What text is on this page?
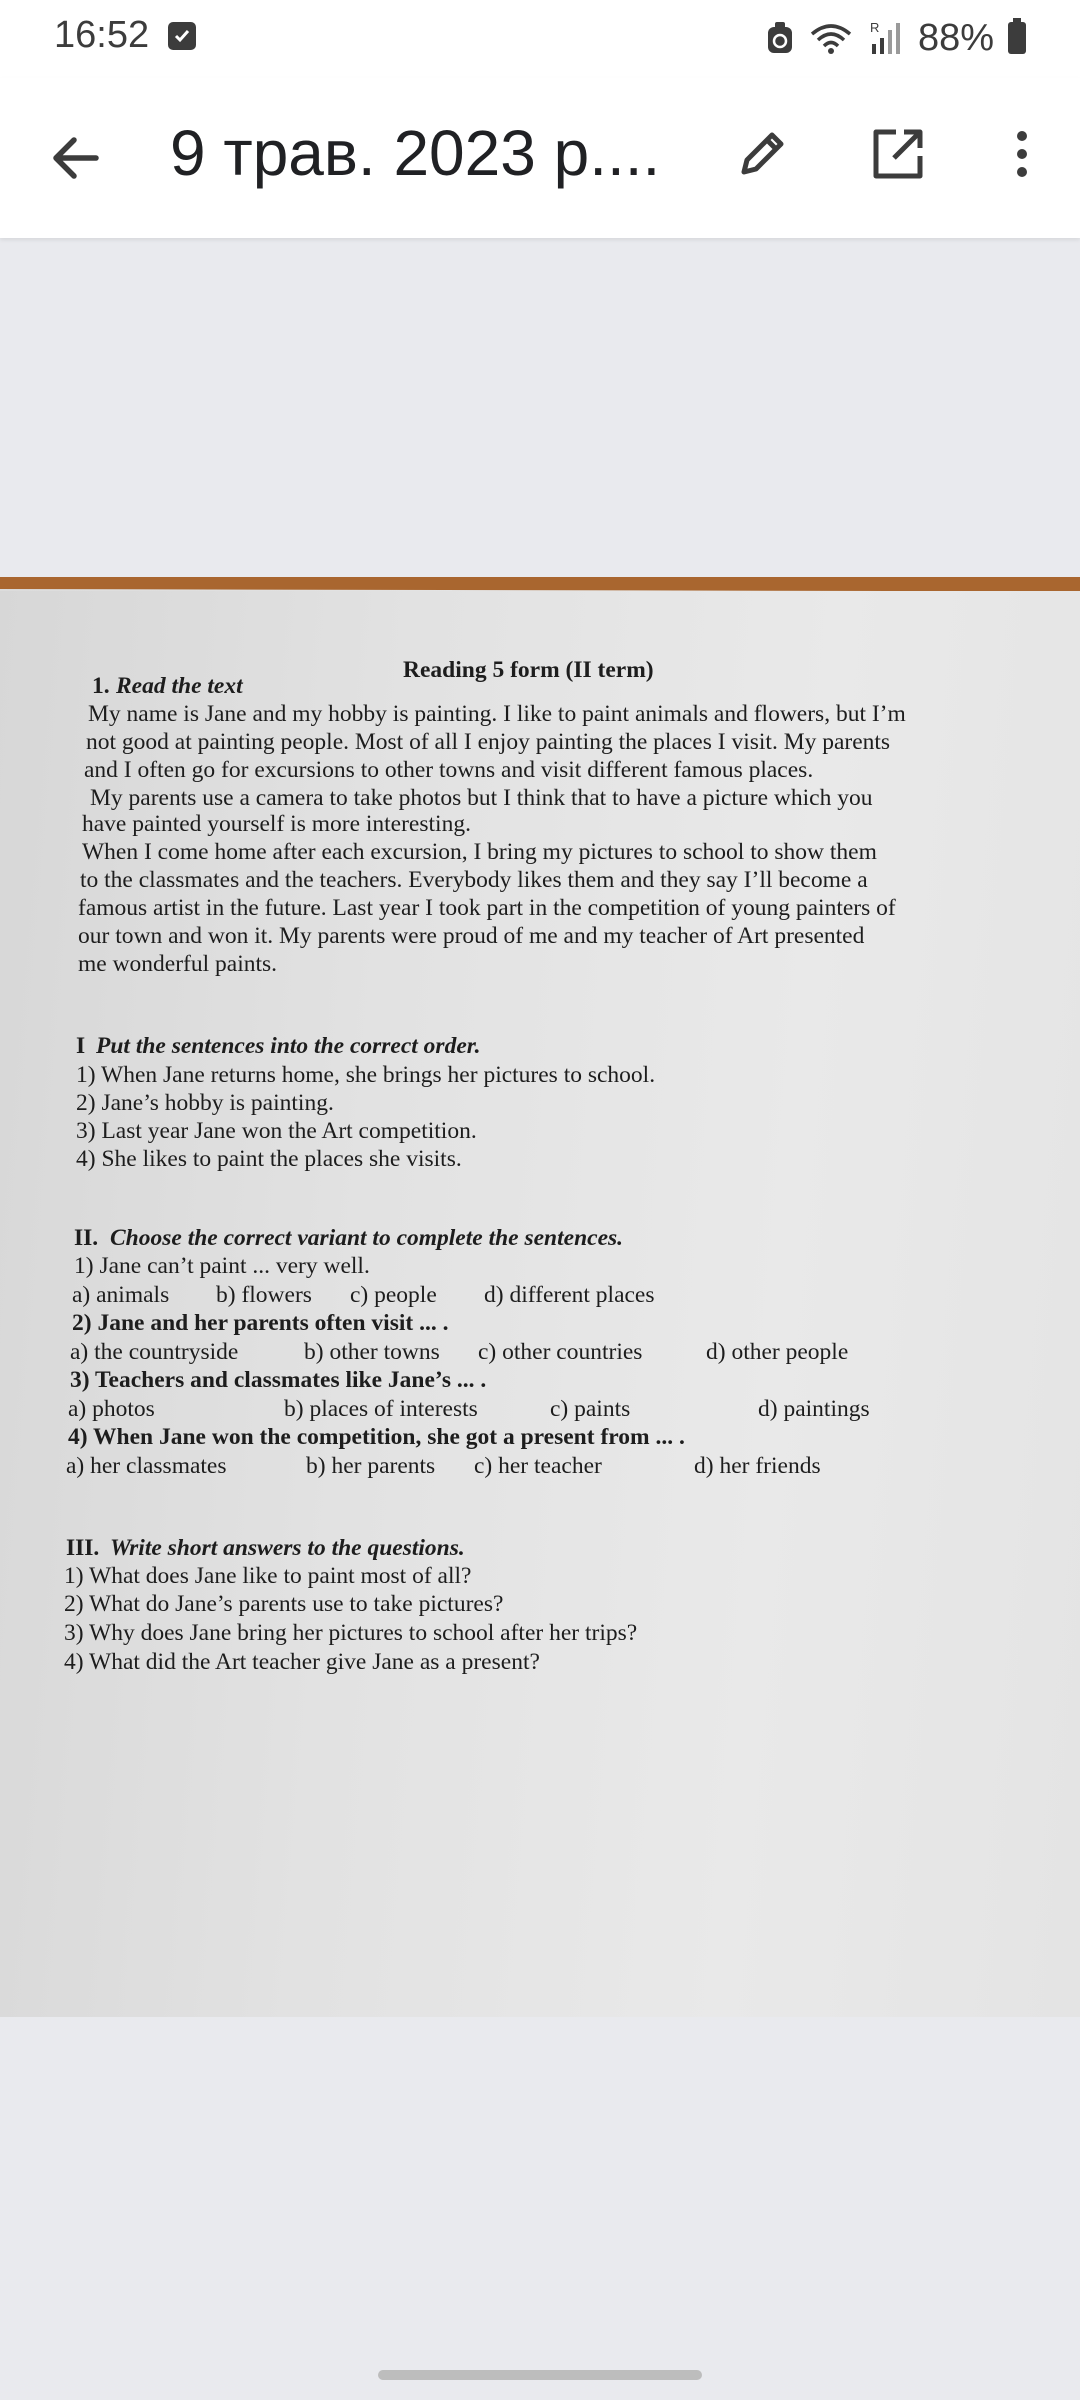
16:52	R 88%
9 трав. 2023 р....
Reading 5 form (II term)
1. Read the text
My name is Jane and my hobby is painting. I like to paint animals and flowers, but I’m
not good at painting people. Most of all I enjoy painting the places I visit. My parents
and I often go for excursions to other towns and visit different famous places.
My parents use a camera to take photos but I think that to have a picture which you
have painted yourself is more interesting.
When I come home after each excursion, I bring my pictures to school to show them
to the classmates and the teachers. Everybody likes them and they say I’ll become a
famous artist in the future. Last year I took part in the competition of young painters of
our town and won it. My parents were proud of me and my teacher of Art presented
me wonderful paints.
I Put the sentences into the correct order.
1) When Jane returns home, she brings her pictures to school.
2) Jane’s hobby is painting.
3) Last year Jane won the Art competition.
4) She likes to paint the places she visits.
II. Choose the correct variant to complete the sentences.
1) Jane can’t paint ... very well.
a) animals b) flowers c) people d) different places
2) Jane and her parents often visit ... .
a) the countryside	b) other towns c) other countries	d) other people
3) Teachers and classmates like Jane’s ... .
a) photos	b) places of interests	c) paints	d) paintings
4) When Jane won the competition, she got a present from ... .
a) her classmates	b) her parents c) her teacher	d) her friends
III. Write short answers to the questions.
1) What does Jane like to paint most of all?
2) What do Jane’s parents use to take pictures?
3) Why does Jane bring her pictures to school after her trips?
4) What did the Art teacher give Jane as a present?
